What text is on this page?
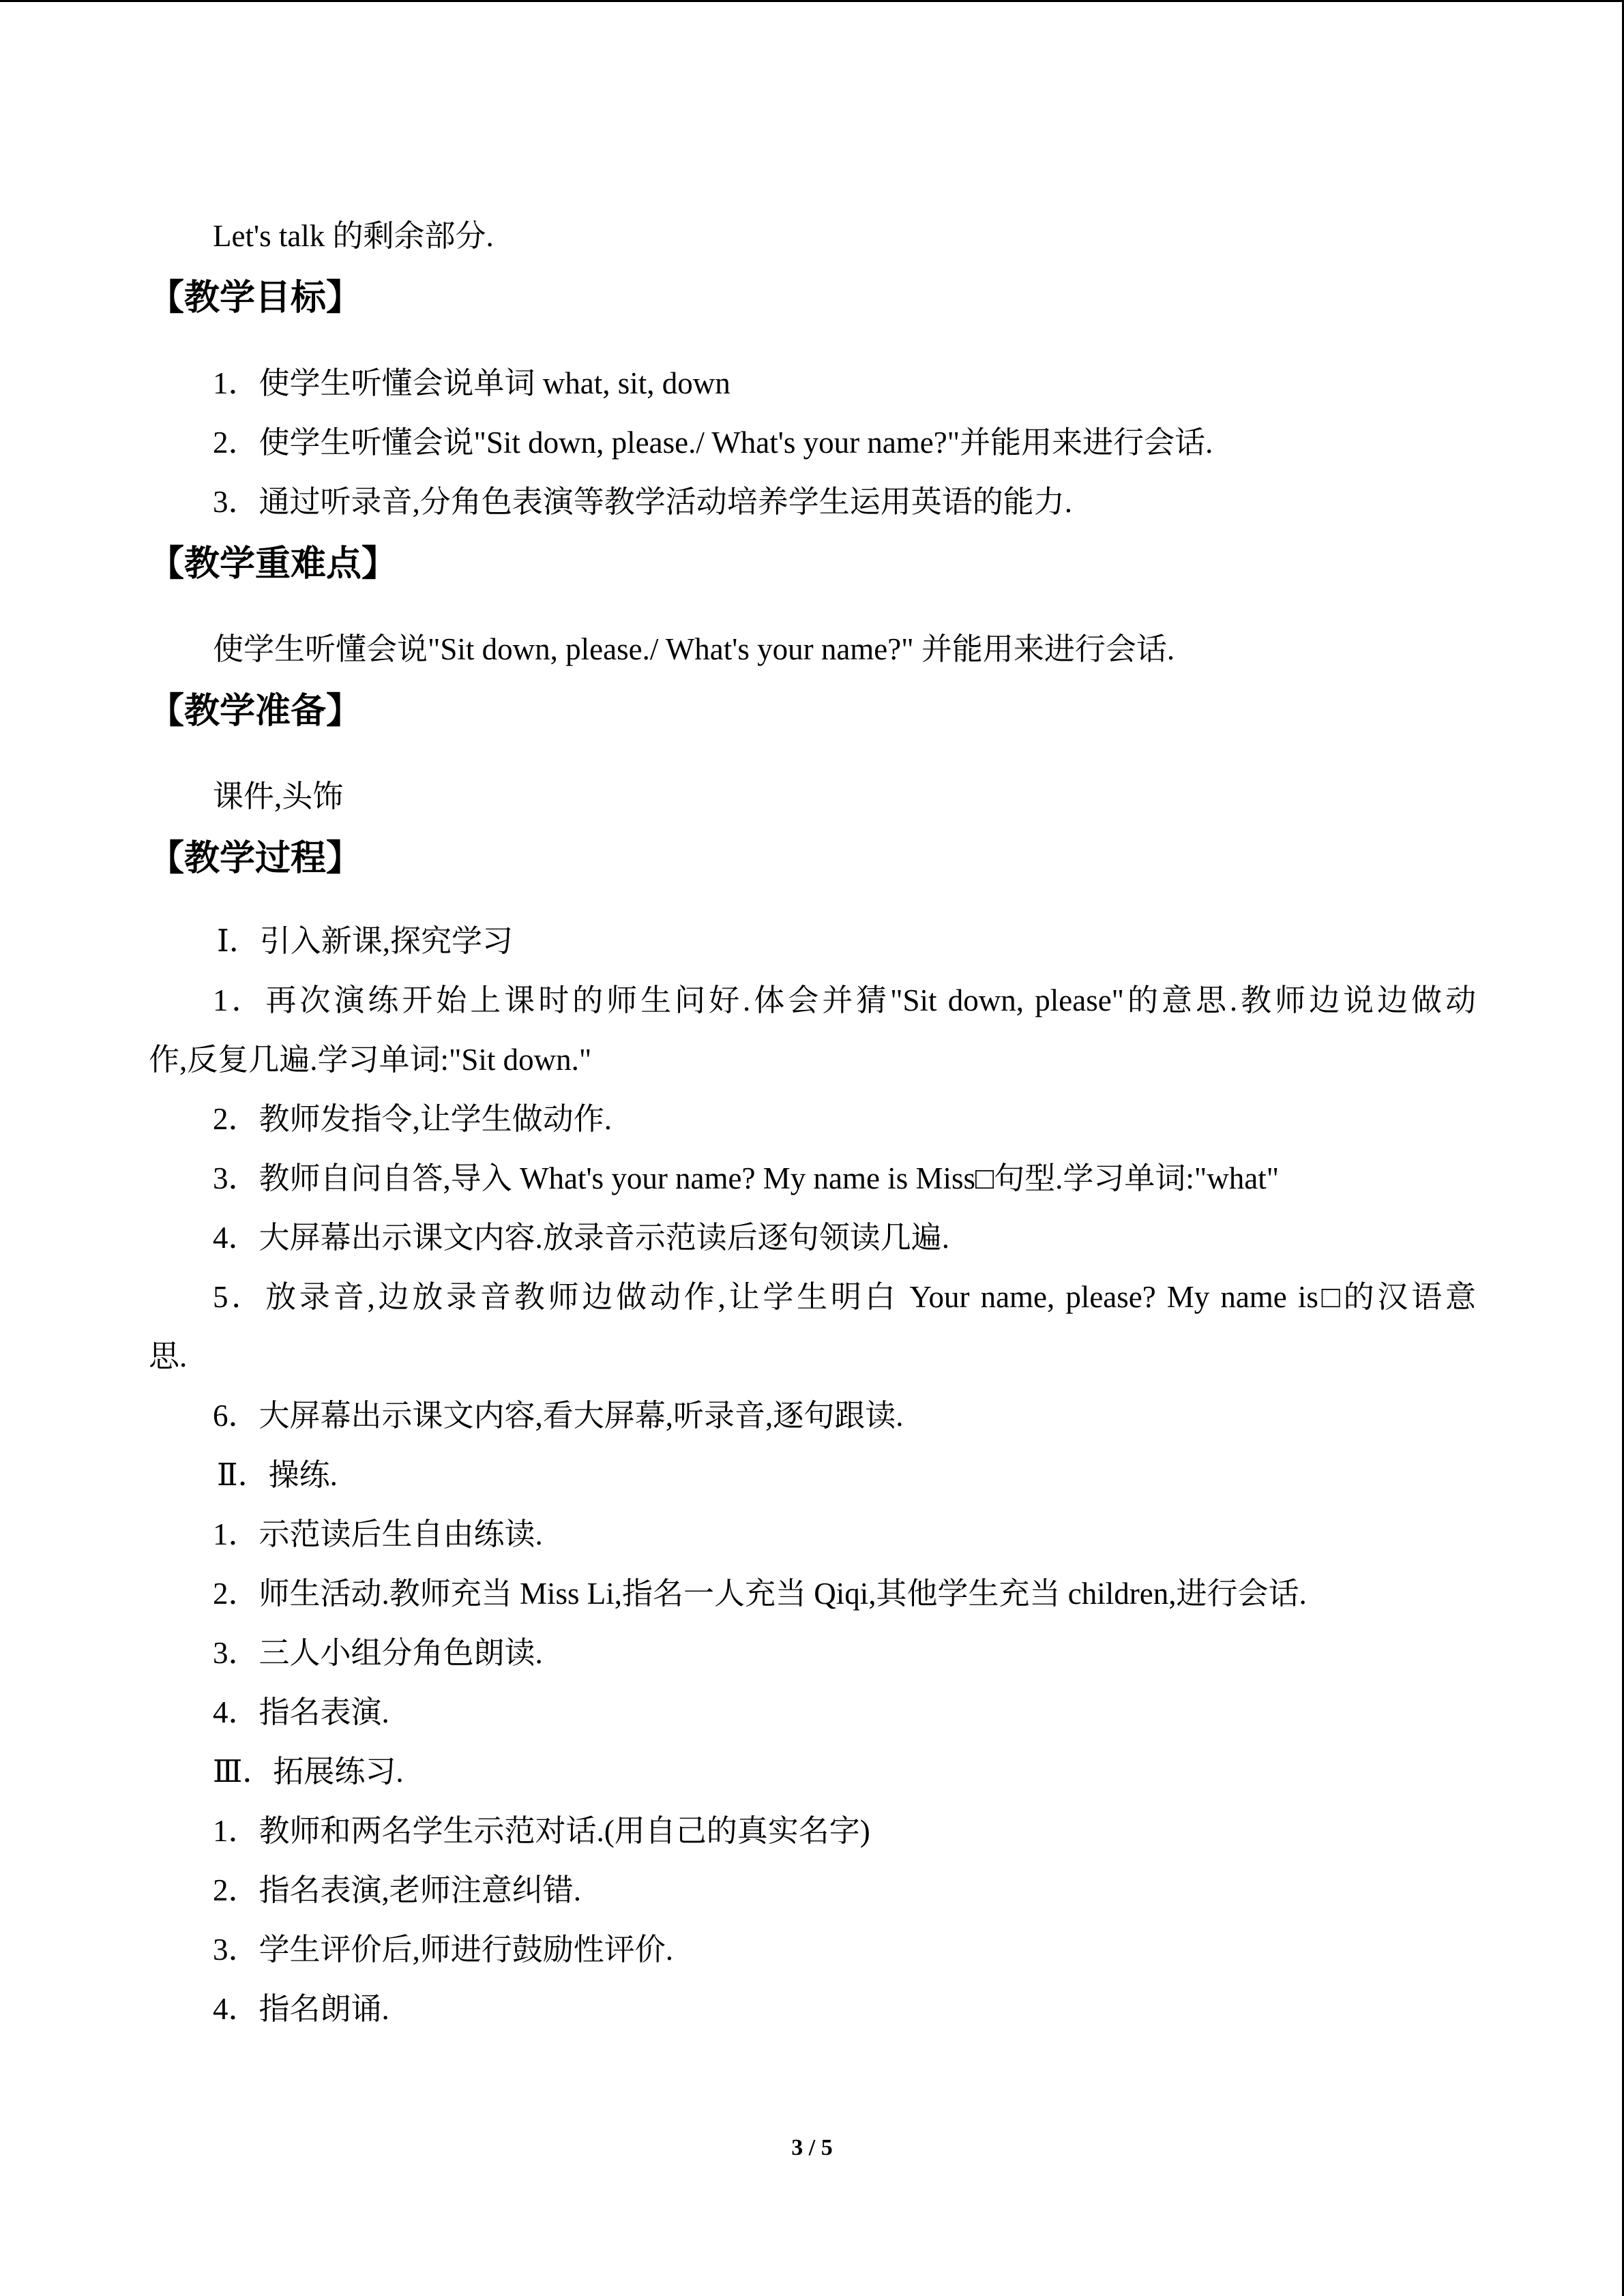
Let's talk 的剩余部分.
【教学目标】
1．使学生听懂会说单词 what, sit, down
2．使学生听懂会说"Sit down, please./ What's your name?"并能用来进行会话.
3．通过听录音,分角色表演等教学活动培养学生运用英语的能力.
【教学重难点】
使学生听懂会说"Sit down, please./ What's your name?" 并能用来进行会话.
【教学准备】
课件,头饰
【教学过程】
Ⅰ．引入新课,探究学习
1．再次演练开始上课时的师生问好.体会并猜"Sit down, please"的意思.教师边说边做动
作,反复几遍.学习单词:"Sit down."
2．教师发指令,让学生做动作.
3．教师自问自答,导入 What's your name? My name is Miss□句型.学习单词:"what"
4．大屏幕出示课文内容.放录音示范读后逐句领读几遍.
5．放录音,边放录音教师边做动作,让学生明白 Your name, please? My name is□的汉语意
思.
6．大屏幕出示课文内容,看大屏幕,听录音,逐句跟读.
Ⅱ．操练.
1．示范读后生自由练读.
2．师生活动.教师充当 Miss Li,指名一人充当 Qiqi,其他学生充当 children,进行会话.
3．三人小组分角色朗读.
4．指名表演.
Ⅲ．拓展练习.
1．教师和两名学生示范对话.(用自己的真实名字)
2．指名表演,老师注意纠错.
3．学生评价后,师进行鼓励性评价.
4．指名朗诵.
3 / 5
